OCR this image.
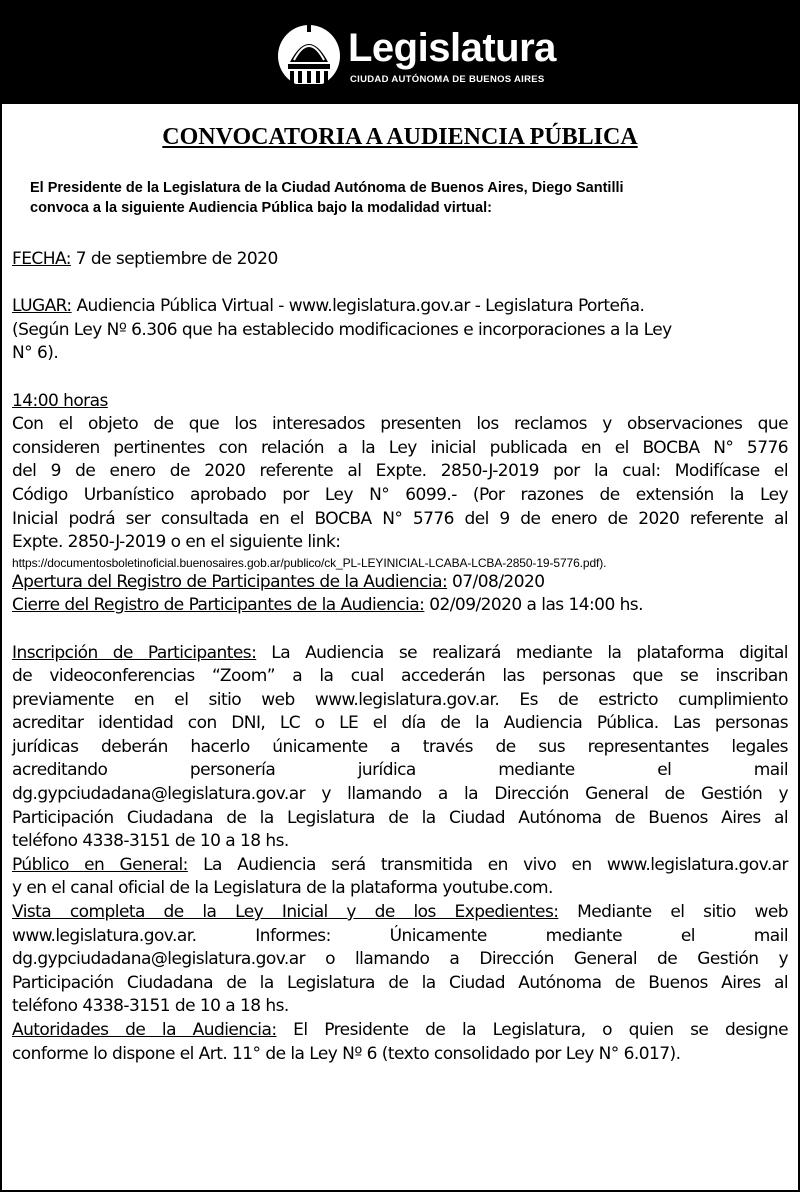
Legislatura
CIUDAD AUTÓNOMA DE BUENOS AIRES
CONVOCATORIA A AUDIENCIA PÚBLICA
El Presidente de la Legislatura de la Ciudad Autónoma de Buenos Aires, Diego Santilli
convoca a la siguiente Audiencia Pública bajo la modalidad virtual:
FECHA: 7 de septiembre de 2020
LUGAR: Audiencia Pública Virtual - www.legislatura.gov.ar - Legislatura Porteña.
(Según Ley Nº 6.306 que ha establecido modificaciones e incorporaciones a la Ley
N° 6).
14:00 horas
Con el objeto de que los interesados presenten los reclamos y observaciones que
consideren pertinentes con relación a la Ley inicial publicada en el BOCBA N° 5776
del 9 de enero de 2020 referente al Expte. 2850-J-2019 por la cual: Modifícase el
Código Urbanístico aprobado por Ley N° 6099.- (Por razones de extensión la Ley
Inicial podrá ser consultada en el BOCBA N° 5776 del 9 de enero de 2020 referente al
Expte. 2850-J-2019 o en el siguiente link:
https://documentosboletinoficial.buenosaires.gob.ar/publico/ck_PL-LEYINICIAL-LCABA-LCBA-2850-19-5776.pdf).
Apertura del Registro de Participantes de la Audiencia: 07/08/2020
Cierre del Registro de Participantes de la Audiencia: 02/09/2020 a las 14:00 hs.
Inscripción de Participantes: La Audiencia se realizará mediante la plataforma digital
de videoconferencias “Zoom” a la cual accederán las personas que se inscriban
previamente en el sitio web www.legislatura.gov.ar. Es de estricto cumplimiento
acreditar identidad con DNI, LC o LE el día de la Audiencia Pública. Las personas
jurídicas deberán hacerlo únicamente a través de sus representantes legales
acreditando personería jurídica mediante el mail
dg.gypciudadana@legislatura.gov.ar y llamando a la Dirección General de Gestión y
Participación Ciudadana de la Legislatura de la Ciudad Autónoma de Buenos Aires al
teléfono 4338-3151 de 10 a 18 hs.
Público en General: La Audiencia será transmitida en vivo en www.legislatura.gov.ar
y en el canal oficial de la Legislatura de la plataforma youtube.com.
Vista completa de la Ley Inicial y de los Expedientes: Mediante el sitio web
www.legislatura.gov.ar. Informes: Únicamente mediante el mail
dg.gypciudadana@legislatura.gov.ar o llamando a Dirección General de Gestión y
Participación Ciudadana de la Legislatura de la Ciudad Autónoma de Buenos Aires al
teléfono 4338-3151 de 10 a 18 hs.
Autoridades de la Audiencia: El Presidente de la Legislatura, o quien se designe
conforme lo dispone el Art. 11° de la Ley Nº 6 (texto consolidado por Ley N° 6.017).
